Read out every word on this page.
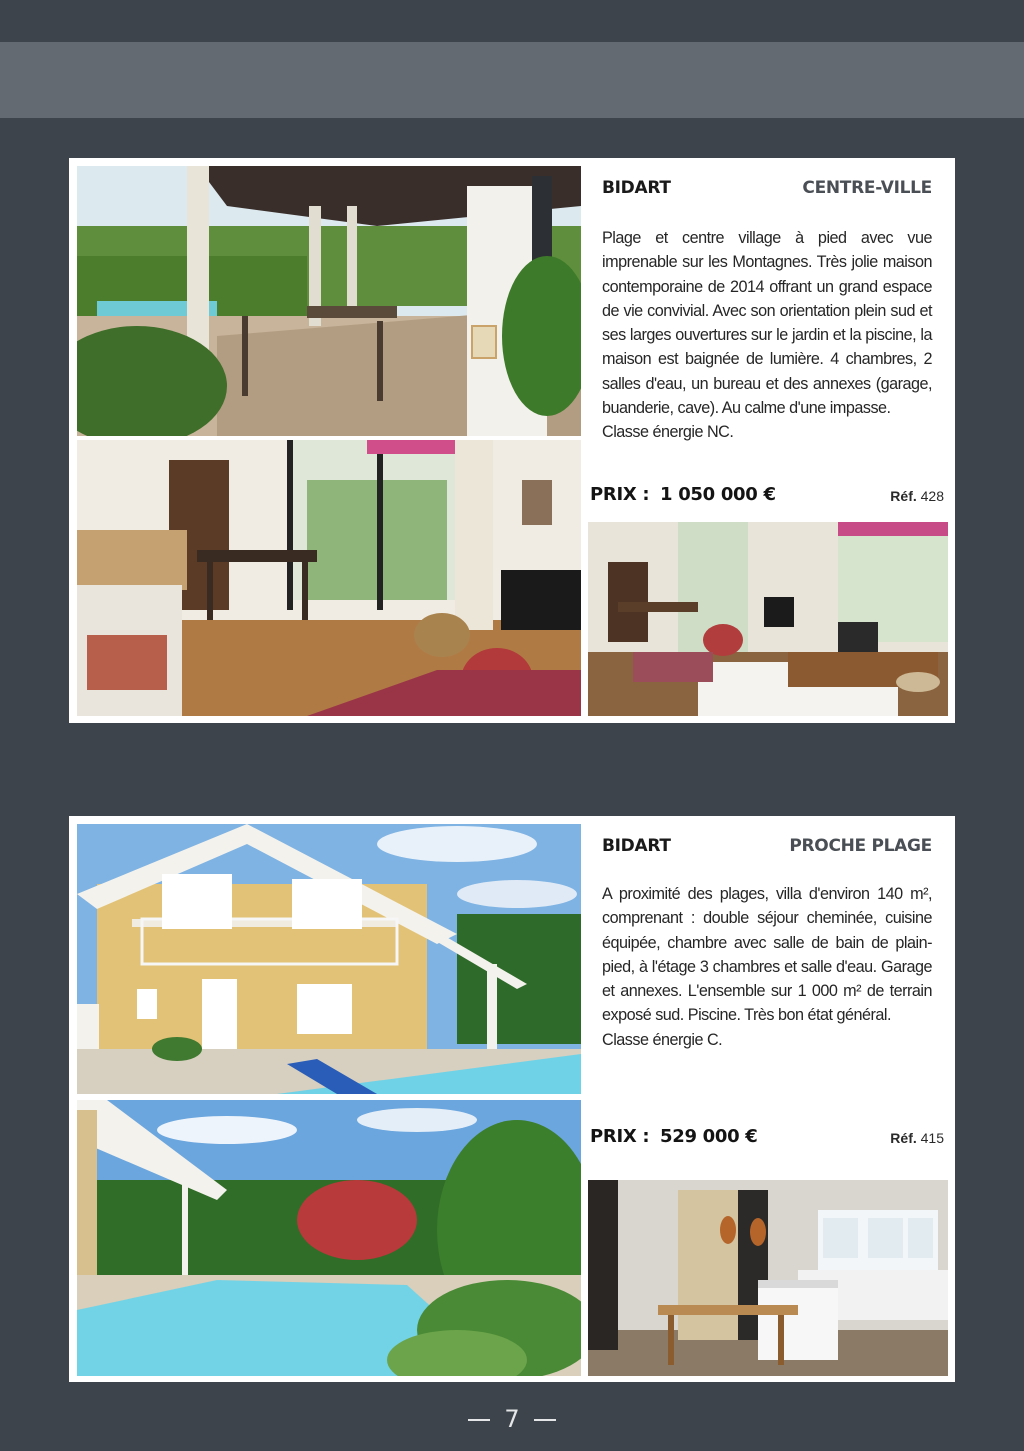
BIDART	CENTRE-VILLE
Plage et centre village à pied avec vue imprenable sur les Montagnes. Très jolie maison contemporaine de 2014 offrant un grand espace de vie convivial. Avec son orientation plein sud et ses larges ouvertures sur le jardin et la piscine, la maison est baignée de lumière. 4 chambres, 2 salles d'eau, un bureau et des annexes (garage, buanderie, cave). Au calme d'une impasse.
Classe énergie NC.
PRIX : 1 050 000 €	Réf. 428
BIDART	PROCHE PLAGE
A proximité des plages, villa d'environ 140 m², comprenant : double séjour cheminée, cuisine équipée, chambre avec salle de bain de plain-pied, à l'étage 3 chambres et salle d'eau. Garage et annexes. L'ensemble sur 1 000 m² de terrain exposé sud. Piscine. Très bon état général.
Classe énergie C.
PRIX : 529 000 €	Réf. 415
7
